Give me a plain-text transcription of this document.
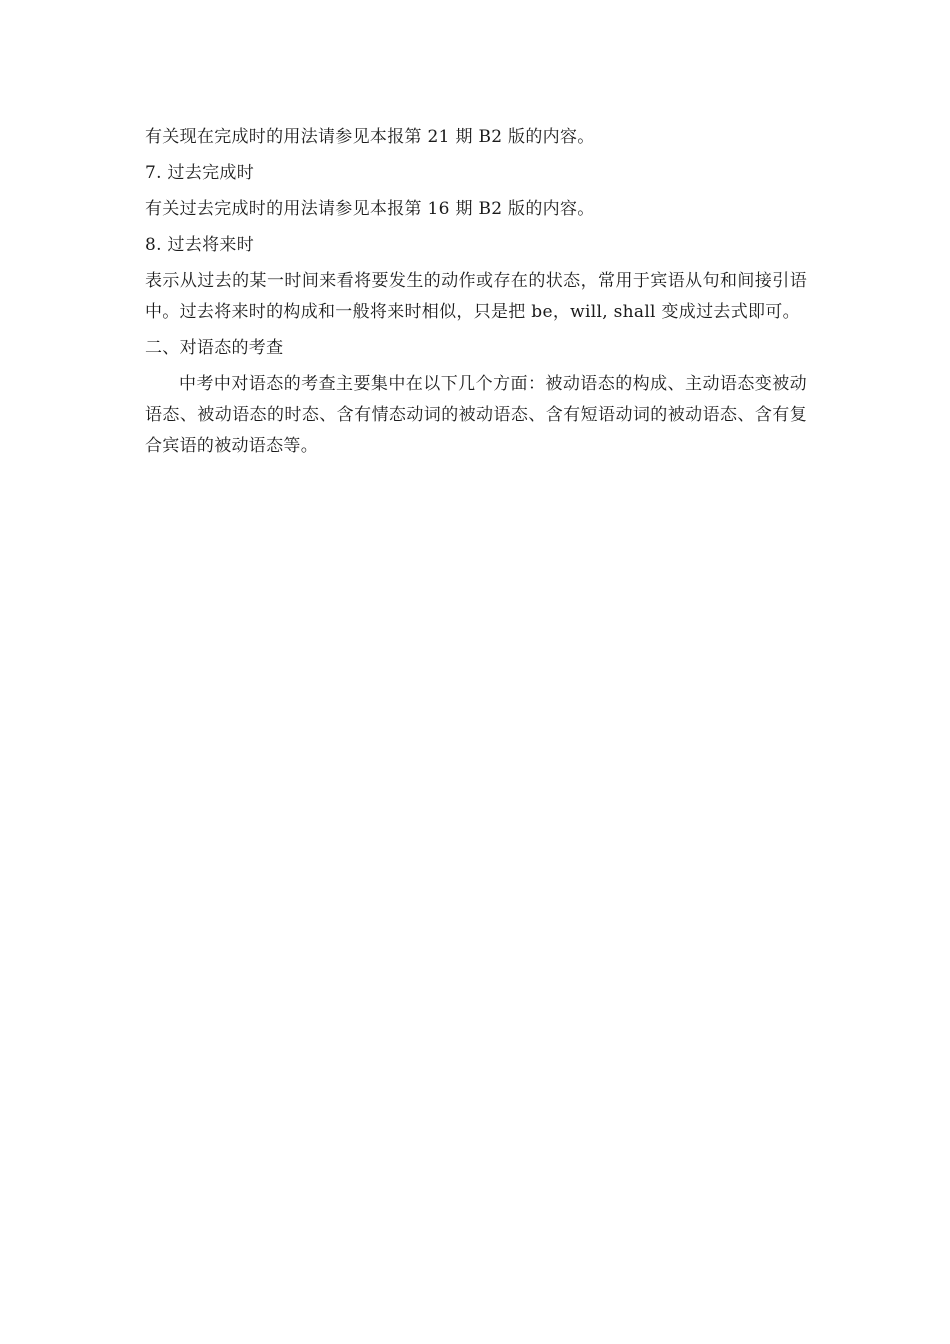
有关现在完成时的用法请参见本报第 21 期 B2 版的内容。

7. 过去完成时

有关过去完成时的用法请参见本报第 16 期 B2 版的内容。

8. 过去将来时

表示从过去的某一时间来看将要发生的动作或存在的状态，常用于宾语从句和间接引语中。过去将来时的构成和一般将来时相似，只是把 be，will, shall 变成过去式即可。

二、对语态的考查

中考中对语态的考查主要集中在以下几个方面：被动语态的构成、主动语态变被动语态、被动语态的时态、含有情态动词的被动语态、含有短语动词的被动语态、含有复合宾语的被动语态等。
